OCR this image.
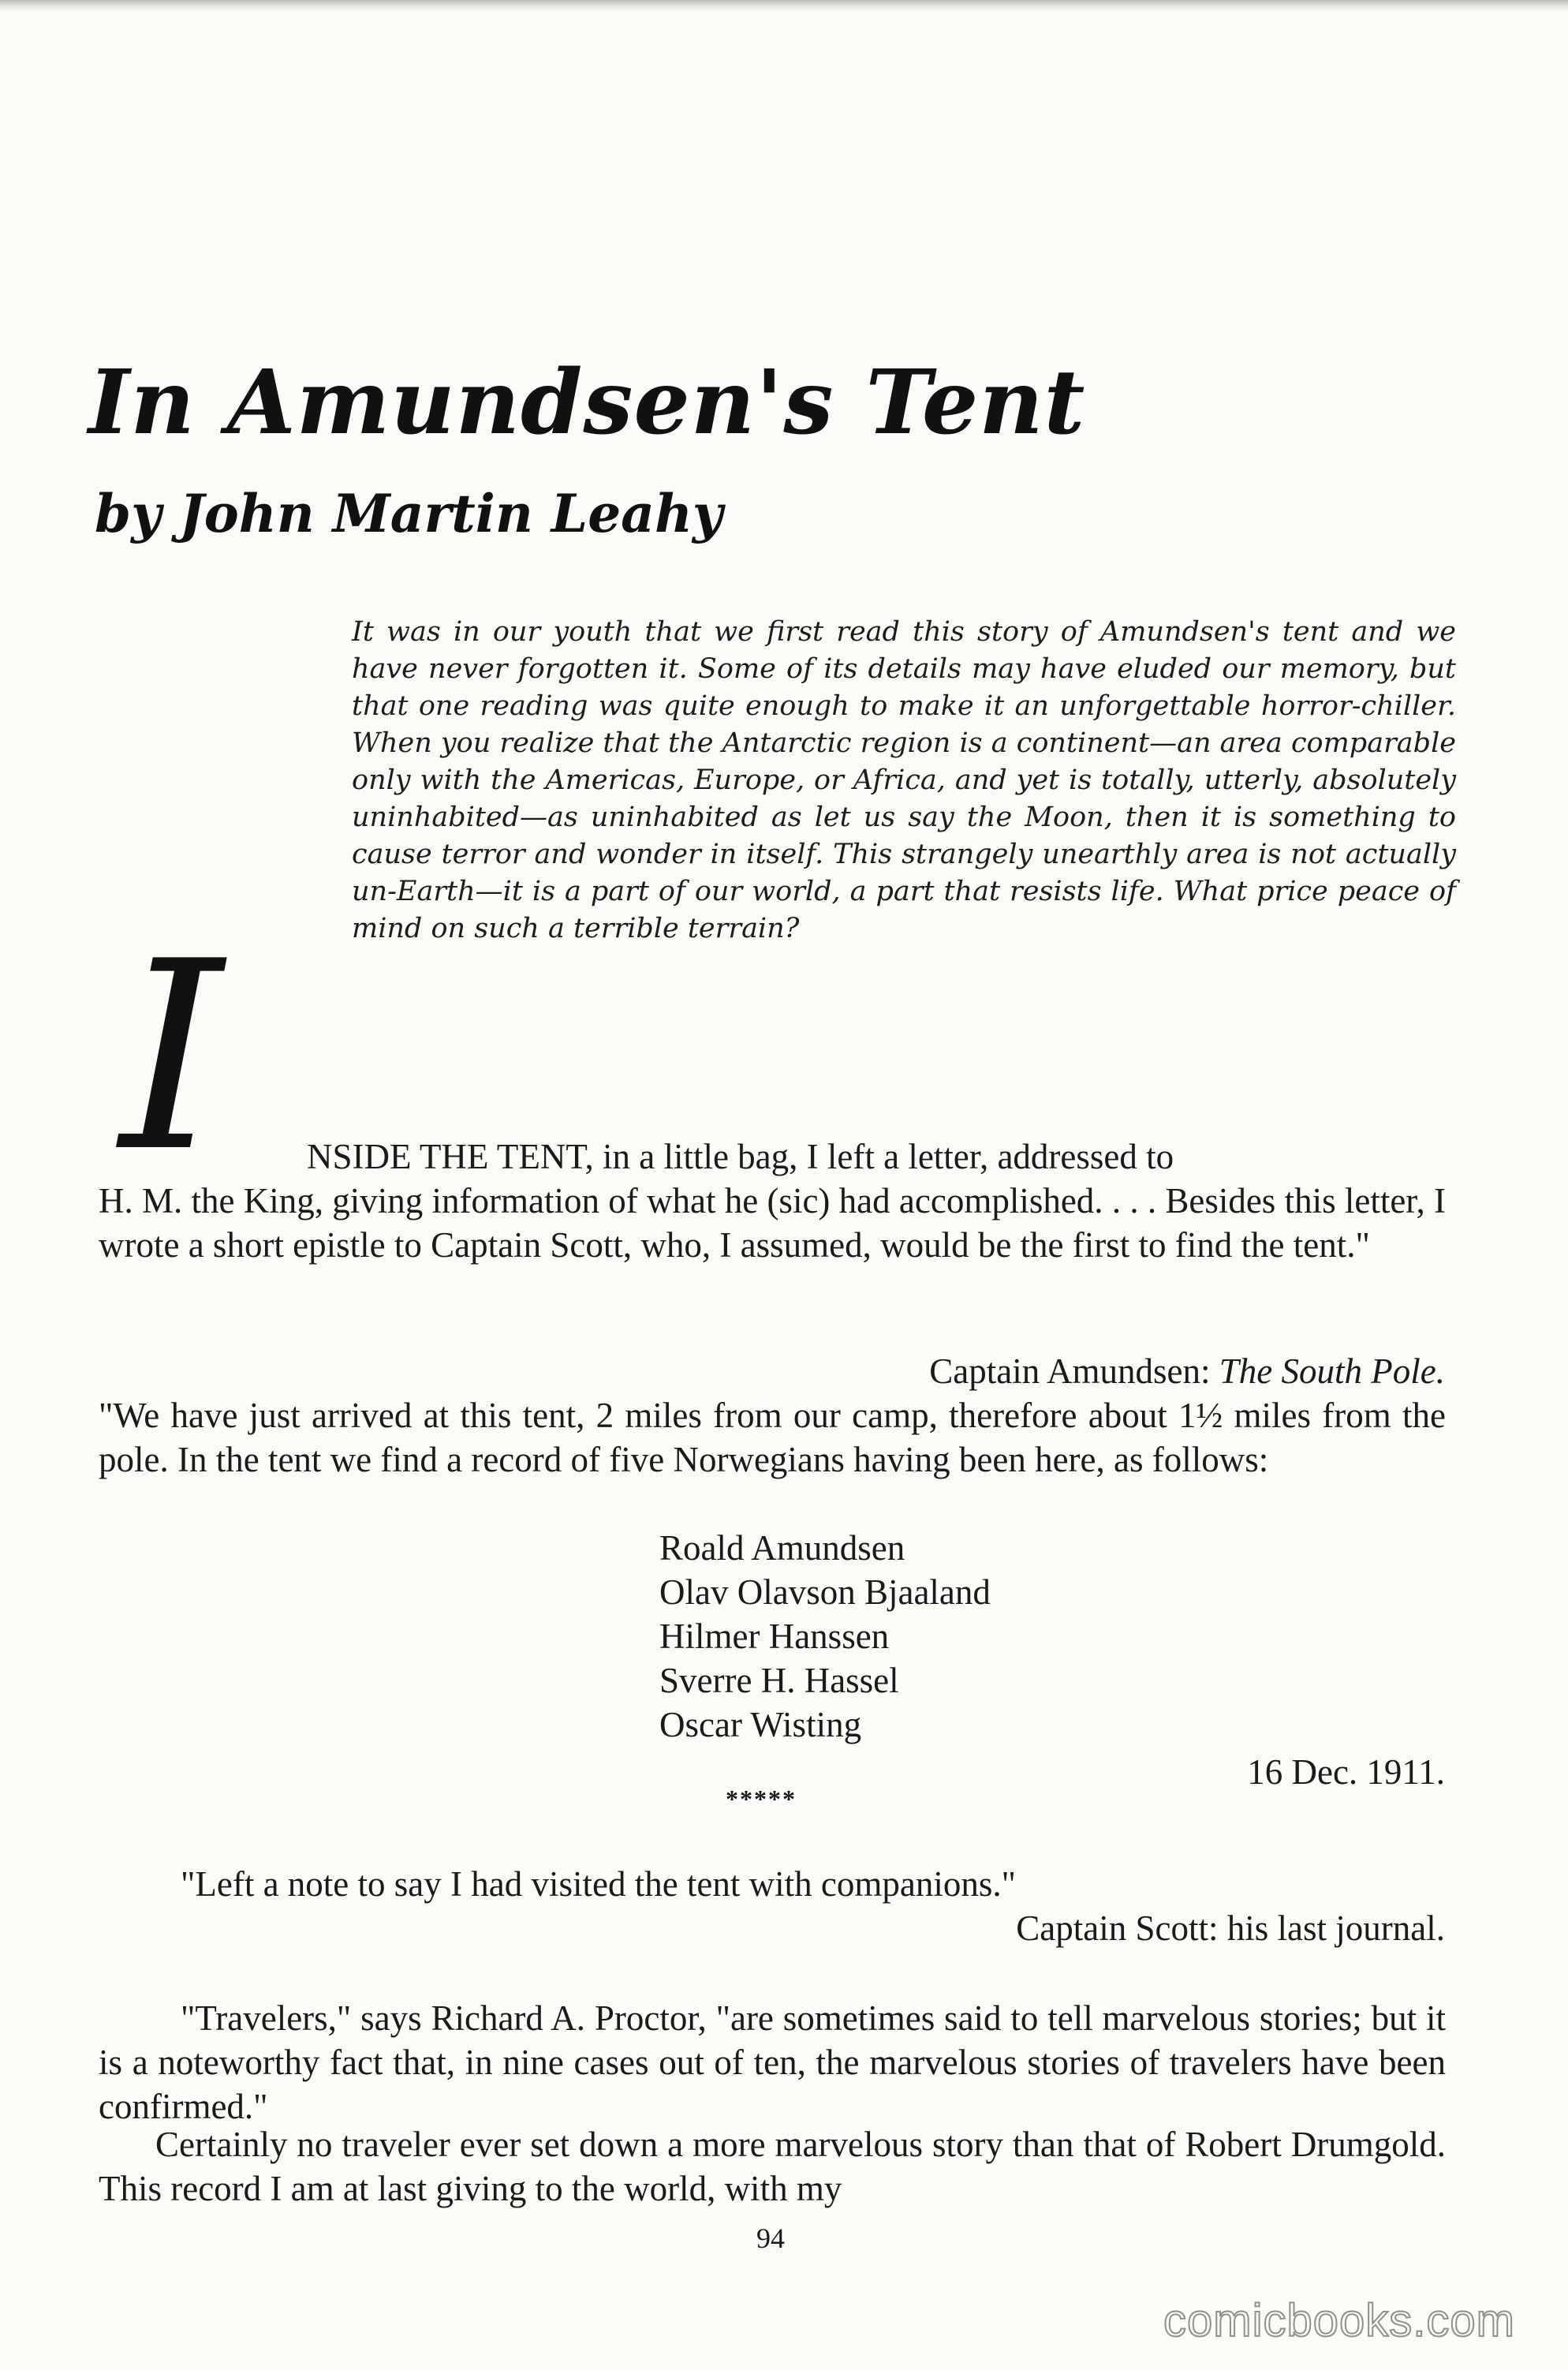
In Amundsen's Tent
by John Martin Leahy

It was in our youth that we first read this story of Amundsen's tent and we have never forgotten it. Some of its details may have eluded our memory, but that one reading was quite enough to make it an unforgettable horror-chiller. When you realize that the Antarctic region is a continent—an area comparable only with the Americas, Europe, or Africa, and yet is totally, utterly, absolutely uninhabited—as uninhabited as let us say the Moon, then it is something to cause terror and wonder in itself. This strangely unearthly area is not actually un-Earth—it is a part of our world, a part that resists life. What price peace of mind on such a terrible terrain?

I	NSIDE THE TENT, in a little bag, I left a letter, addressed to
H. M. the King, giving information of what he (sic) had accomplished. . . . Besides this letter, I wrote a short epistle to Captain Scott, who, I assumed, would be the first to find the tent."

Captain Amundsen: The South Pole.

"We have just arrived at this tent, 2 miles from our camp, therefore about 1½ miles from the pole. In the tent we find a record of five Norwegians having been here, as follows:

Roald Amundsen
Olav Olavson Bjaaland
Hilmer Hanssen
Sverre H. Hassel
Oscar Wisting

16 Dec. 1911.

*****

"Left a note to say I had visited the tent with companions."

Captain Scott: his last journal.

"Travelers," says Richard A. Proctor, "are sometimes said to tell marvelous stories; but it is a noteworthy fact that, in nine cases out of ten, the marvelous stories of travelers have been confirmed."

Certainly no traveler ever set down a more marvelous story than that of Robert Drumgold. This record I am at last giving to the world, with my

94

comicbooks.com
